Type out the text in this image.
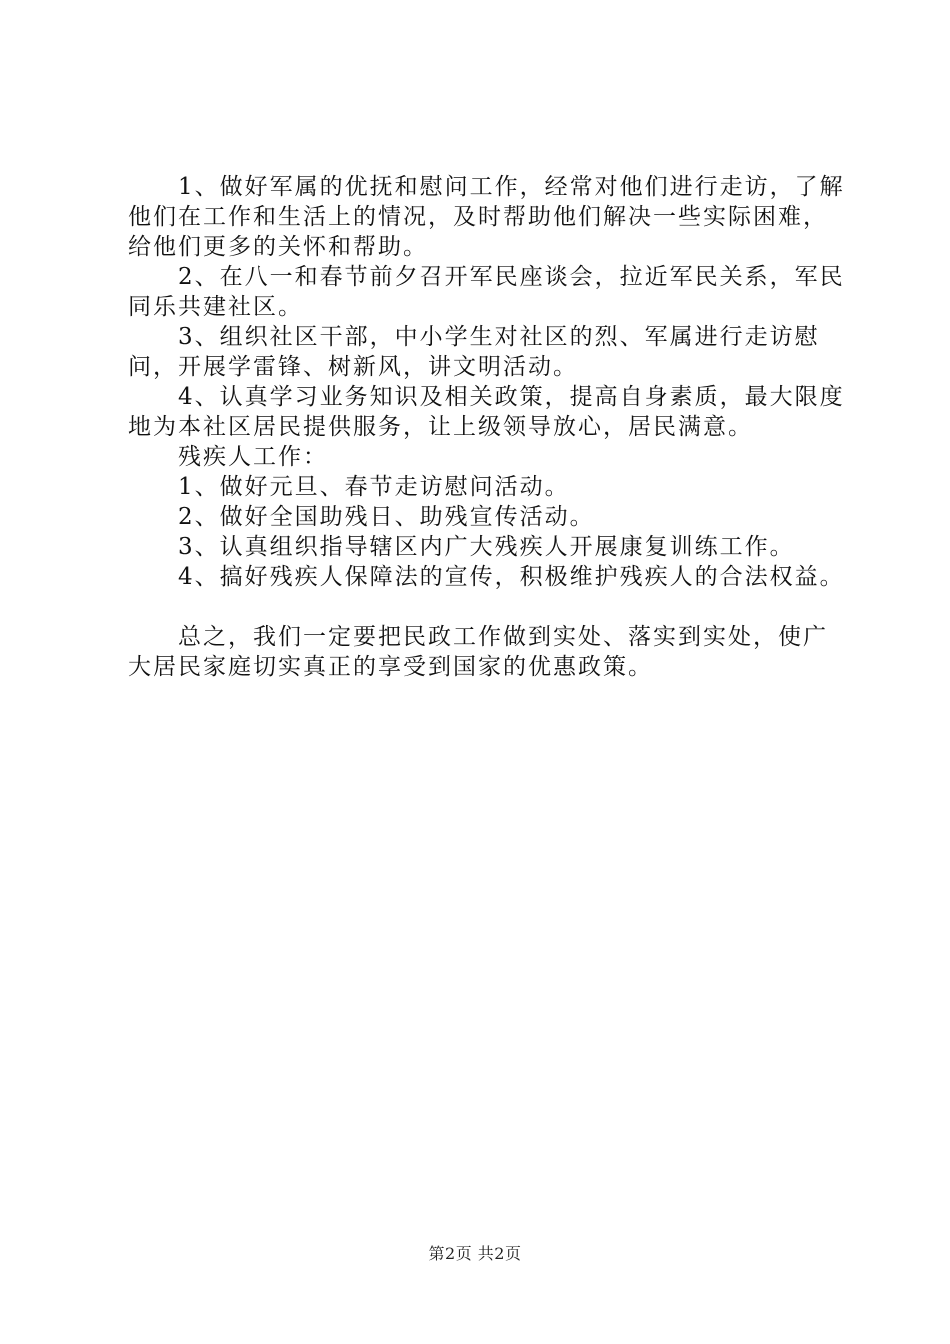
1、做好军属的优抚和慰问工作，经常对他们进行走访，了解他们在工作和生活上的情况，及时帮助他们解决一些实际困难，给他们更多的关怀和帮助。

2、在八一和春节前夕召开军民座谈会，拉近军民关系，军民同乐共建社区。

3、组织社区干部，中小学生对社区的烈、军属进行走访慰问，开展学雷锋、树新风，讲文明活动。

4、认真学习业务知识及相关政策，提高自身素质，最大限度地为本社区居民提供服务，让上级领导放心，居民满意。

残疾人工作：

1、做好元旦、春节走访慰问活动。

2、做好全国助残日、助残宣传活动。

3、认真组织指导辖区内广大残疾人开展康复训练工作。

4、搞好残疾人保障法的宣传，积极维护残疾人的合法权益。

总之，我们一定要把民政工作做到实处、落实到实处，使广大居民家庭切实真正的享受到国家的优惠政策。

第2页 共2页
